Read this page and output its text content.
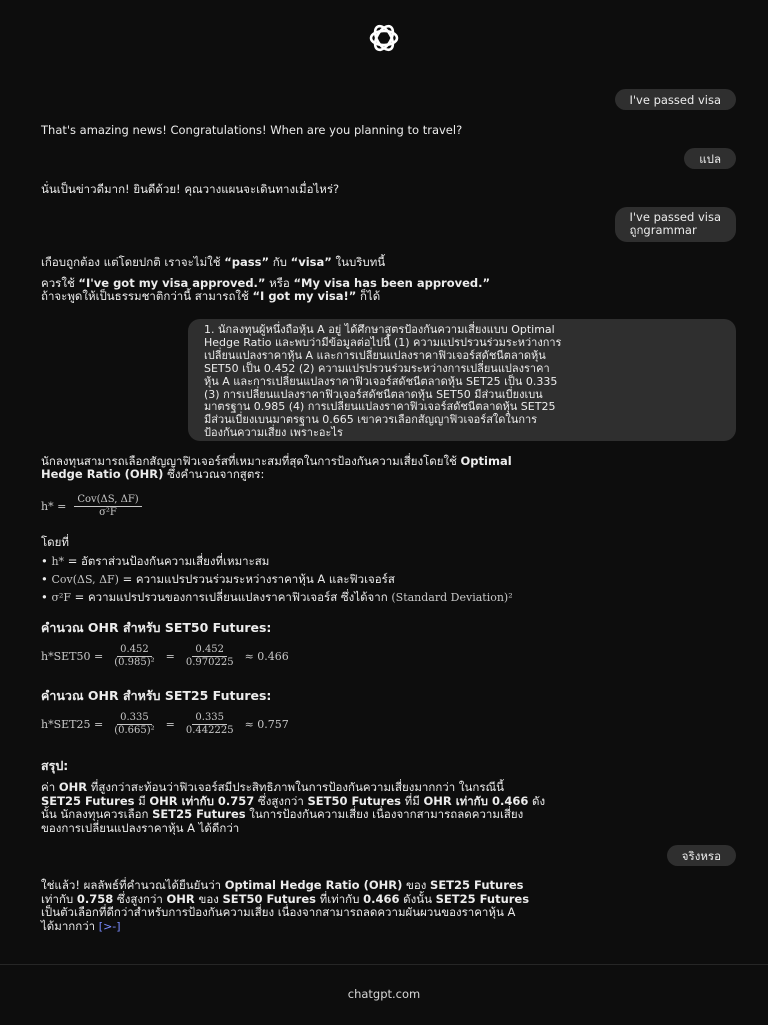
I've passed visa
That's amazing news! Congratulations! When are you planning to travel?
แปล
นั่นเป็นข่าวดีมาก! ยินดีด้วย! คุณวางแผนจะเดินทางเมื่อไหร่?
I've passed visa
ถูกgrammar
เกือบถูกต้อง แต่โดยปกติ เราจะไม่ใช้ “pass” กับ “visa” ในบริบทนี้
ควรใช้ “I've got my visa approved.” หรือ “My visa has been approved.”
ถ้าจะพูดให้เป็นธรรมชาติกว่านี้ สามารถใช้ “I got my visa!” ก็ได้
1. นักลงทุนผู้หนึ่งถือหุ้น A อยู่ ได้ศึกษาสูตรป้องกันความเสี่ยงแบบ Optimal
Hedge Ratio และพบว่ามีข้อมูลต่อไปนี้ (1) ความแปรปรวนร่วมระหว่างการ
เปลี่ยนแปลงราคาหุ้น A และการเปลี่ยนแปลงราคาฟิวเจอร์สดัชนีตลาดหุ้น
SET50 เป็น 0.452 (2) ความแปรปรวนร่วมระหว่างการเปลี่ยนแปลงราคา
หุ้น A และการเปลี่ยนแปลงราคาฟิวเจอร์สดัชนีตลาดหุ้น SET25 เป็น 0.335
(3) การเปลี่ยนแปลงราคาฟิวเจอร์สดัชนีตลาดหุ้น SET50 มีส่วนเบี่ยงเบน
มาตรฐาน 0.985 (4) การเปลี่ยนแปลงราคาฟิวเจอร์สดัชนีตลาดหุ้น SET25
มีส่วนเบี่ยงเบนมาตรฐาน 0.665 เขาควรเลือกสัญญาฟิวเจอร์สใดในการ
ป้องกันความเสี่ยง เพราะอะไร
นักลงทุนสามารถเลือกสัญญาฟิวเจอร์สที่เหมาะสมที่สุดในการป้องกันความเสี่ยงโดยใช้ Optimal
Hedge Ratio (OHR) ซึ่งคำนวณจากสูตร:
$h* = \frac{\text{Cov(ΔS, ΔF)}}{\text{σ²F}}$
โดยที่
• h* = อัตราส่วนป้องกันความเสี่ยงที่เหมาะสม
• Cov(ΔS, ΔF) = ความแปรปรวนร่วมระหว่างราคาหุ้น A และฟิวเจอร์ส
• σ²F = ความแปรปรวนของการเปลี่ยนแปลงราคาฟิวเจอร์ส ซึ่งได้จาก (Standard Deviation)²
คำนวณ OHR สำหรับ SET50 Futures:
$h*SET50 = \frac{0.452}{\text{(0.985)²}} = \frac{0.452}{0.970225} \approx 0.466$
คำนวณ OHR สำหรับ SET25 Futures:
$h*SET25 = \frac{0.335}{\text{(0.665)²}} = \frac{0.335}{0.442225} \approx 0.757$
สรุป:
ค่า OHR ที่สูงกว่าสะท้อนว่าฟิวเจอร์สมีประสิทธิภาพในการป้องกันความเสี่ยงมากกว่า ในกรณีนี้
SET25 Futures มี OHR เท่ากับ 0.757 ซึ่งสูงกว่า SET50 Futures ที่มี OHR เท่ากับ 0.466 ดัง
นั้น นักลงทุนควรเลือก SET25 Futures ในการป้องกันความเสี่ยง เนื่องจากสามารถลดความเสี่ยง
ของการเปลี่ยนแปลงราคาหุ้น A ได้ดีกว่า
จริงหรอ
ใช่แล้ว! ผลลัพธ์ที่คำนวณได้ยืนยันว่า Optimal Hedge Ratio (OHR) ของ SET25 Futures
เท่ากับ 0.758 ซึ่งสูงกว่า OHR ของ SET50 Futures ที่เท่ากับ 0.466 ดังนั้น SET25 Futures
เป็นตัวเลือกที่ดีกว่าสำหรับการป้องกันความเสี่ยง เนื่องจากสามารถลดความผันผวนของราคาหุ้น A
ได้มากกว่า [>-]
chatgpt.com
